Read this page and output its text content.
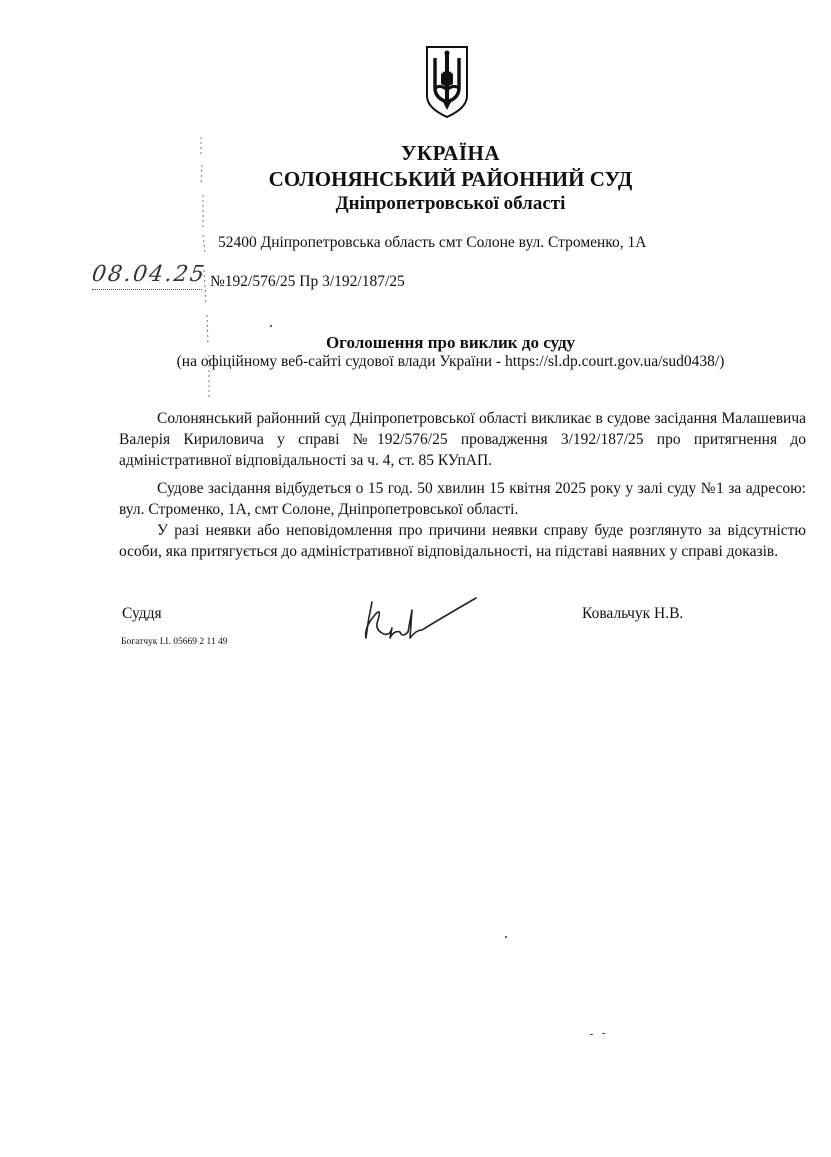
УКРАЇНА
СОЛОНЯНСЬКИЙ РАЙОННИЙ СУД
Дніпропетровської області
52400 Дніпропетровська область смт Солоне вул. Строменко, 1А
08.04.25 №192/576/25 Пр 3/192/187/25
Оголошення про виклик до суду
(на офіційному веб-сайті судової влади України - https://sl.dp.court.gov.ua/sud0438/)

Солонянський районний суд Дніпропетровської області викликає в судове засідання Малашевича Валерія Кириловича у справі №192/576/25 провадження 3/192/187/25 про притягнення до адміністративної відповідальності за ч. 4, ст. 85 КУпАП.

Судове засідання відбудеться о 15 год. 50 хвилин 15 квітня 2025 року у залі суду №1 за адресою: вул. Строменко, 1А, смт Солоне, Дніпропетровської області.

У разі неявки або неповідомлення про причини неявки справу буде розглянуто за відсутністю особи, яка притягується до адміністративної відповідальності, на підставі наявних у справі доказів.

Суддя	Ковальчук Н.В.
Богатчук І.І. 05669 2 11 49
